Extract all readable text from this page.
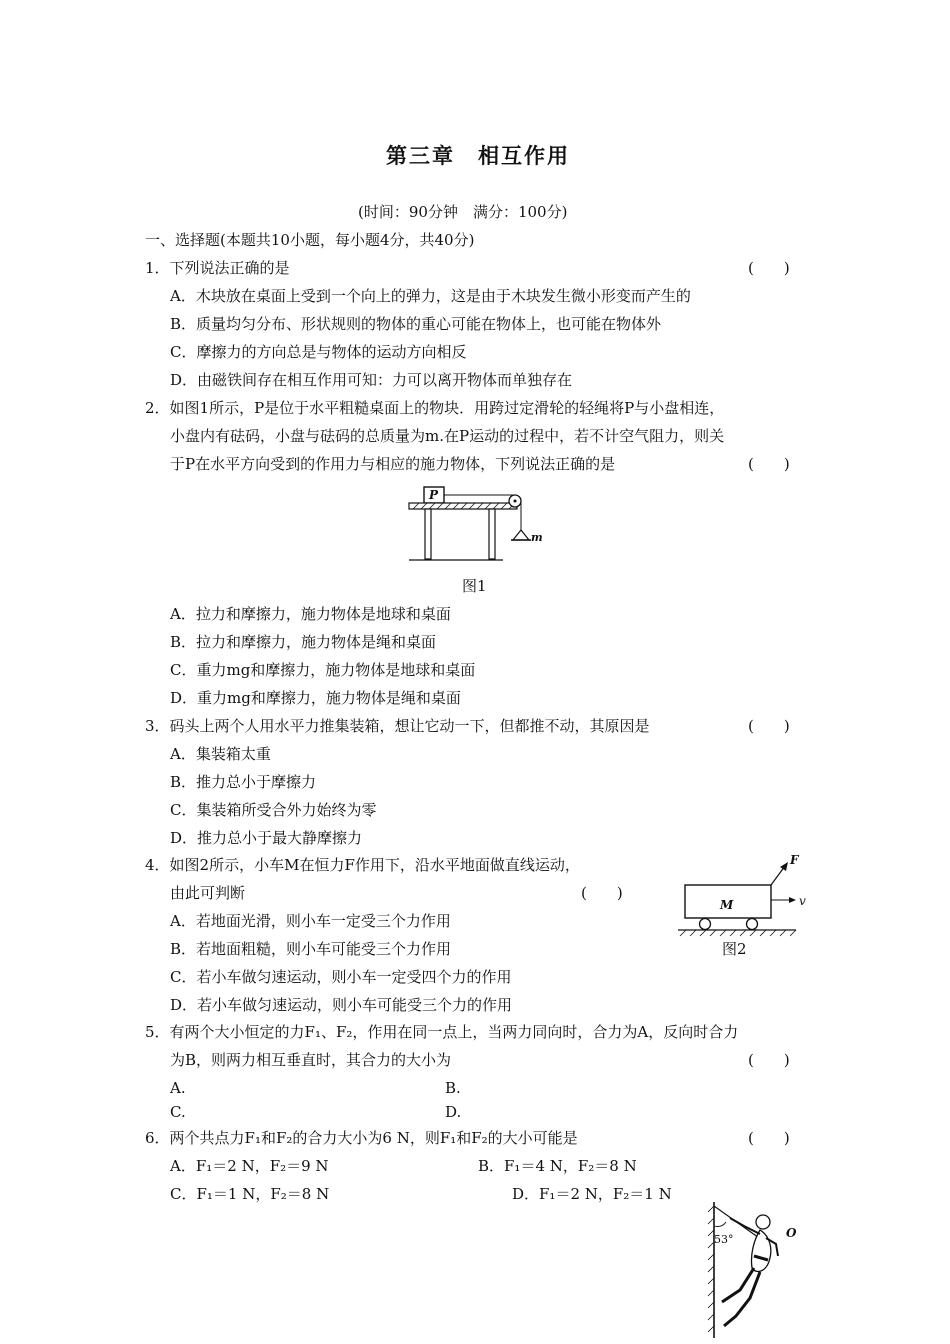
第三章　相互作用
(时间：90分钟　满分：100分)
一、选择题(本题共10小题，每小题4分，共40分)
1．下列说法正确的是	(　　)
A．木块放在桌面上受到一个向上的弹力，这是由于木块发生微小形变而产生的
B．质量均匀分布、形状规则的物体的重心可能在物体上，也可能在物体外
C．摩擦力的方向总是与物体的运动方向相反
D．由磁铁间存在相互作用可知：力可以离开物体而单独存在
2．如图1所示，P是位于水平粗糙桌面上的物块．用跨过定滑轮的轻绳将P与小盘相连，
小盘内有砝码，小盘与砝码的总质量为m.在P运动的过程中，若不计空气阻力，则关
于P在水平方向受到的作用力与相应的施力物体，下列说法正确的是	(　　)
P
m
图1
A．拉力和摩擦力，施力物体是地球和桌面
B．拉力和摩擦力，施力物体是绳和桌面
C．重力mg和摩擦力，施力物体是地球和桌面
D．重力mg和摩擦力，施力物体是绳和桌面
3．码头上两个人用水平力推集装箱，想让它动一下，但都推不动，其原因是	(　　)
A．集装箱太重
B．推力总小于摩擦力
C．集装箱所受合外力始终为零
D．推力总小于最大静摩擦力
4．如图2所示，小车M在恒力F作用下，沿水平地面做直线运动，
由此可判断	(　　)
A．若地面光滑，则小车一定受三个力作用
B．若地面粗糙，则小车可能受三个力作用
C．若小车做匀速运动，则小车一定受四个力的作用
D．若小车做匀速运动，则小车可能受三个力的作用
F
M	v
图2
5．有两个大小恒定的力F₁、F₂，作用在同一点上，当两力同向时，合力为A，反向时合力
为B，则两力相互垂直时，其合力的大小为	(　　)
A.	B.
C.	D.
6．两个共点力F₁和F₂的合力大小为6 N，则F₁和F₂的大小可能是	(　　)
A．F₁＝2 N，F₂＝9 N	B．F₁＝4 N，F₂＝8 N
C．F₁＝1 N，F₂＝8 N	D．F₁＝2 N，F₂＝1 N
53°	O
